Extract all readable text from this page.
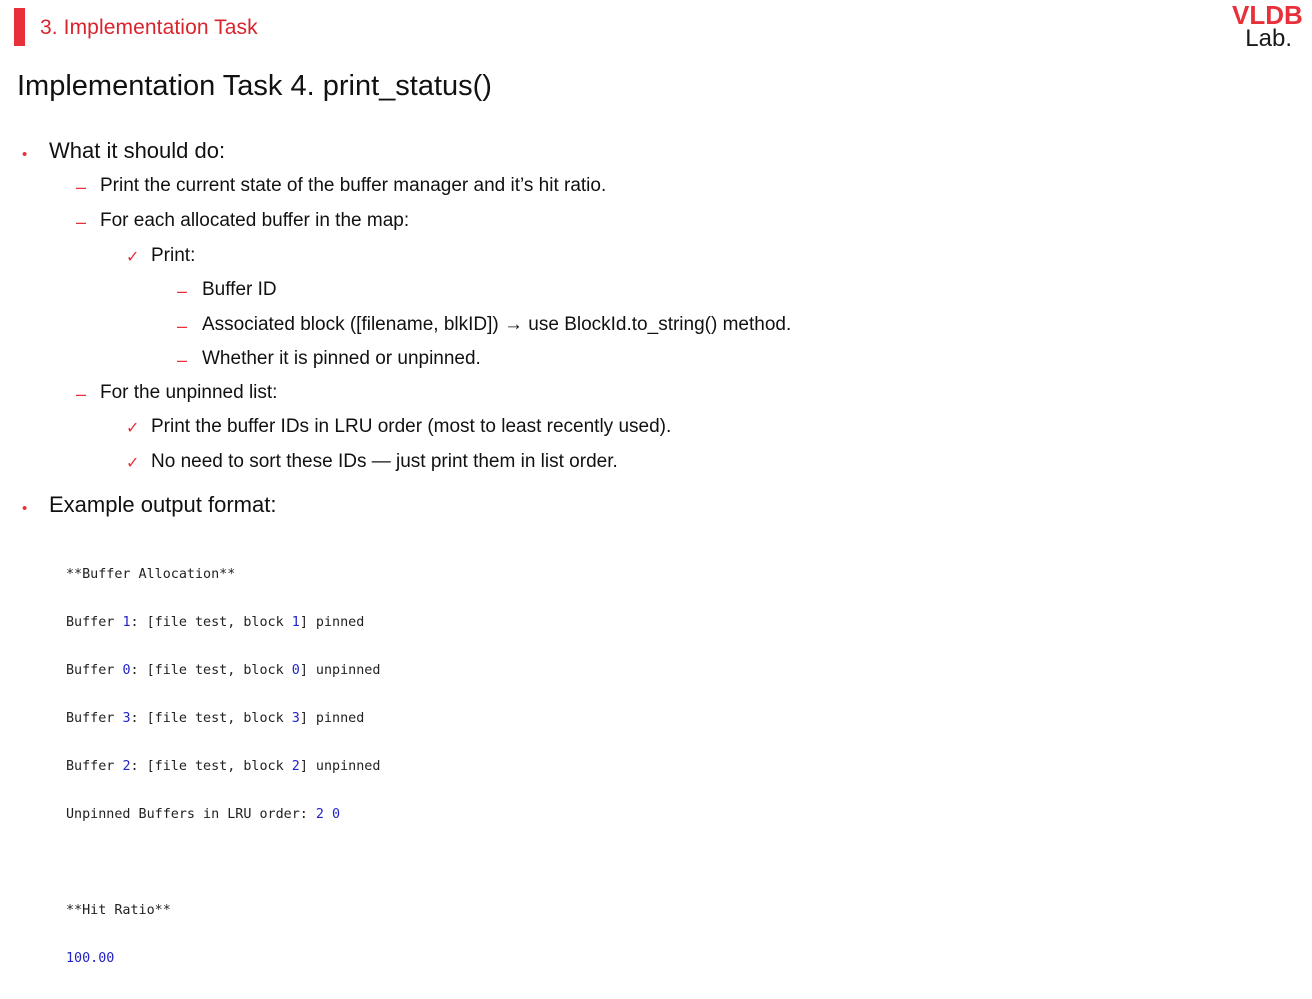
3. Implementation Task	VLDB
Lab.
Implementation Task 4. print_status()
• What it should do:
– Print the current state of the buffer manager and it’s hit ratio.
– For each allocated buffer in the map:
✓ Print:
– Buffer ID
– Associated block ([filename, blkID]) → use BlockId.to_string() method.
– Whether it is pinned or unpinned.
– For the unpinned list:
✓ Print the buffer IDs in LRU order (most to least recently used).
✓ No need to sort these IDs — just print them in list order.
• Example output format:

**Buffer Allocation**

Buffer 1: [file test, block 1] pinned

Buffer 0: [file test, block 0] unpinned

Buffer 3: [file test, block 3] pinned

Buffer 2: [file test, block 2] unpinned

Unpinned Buffers in LRU order: 2 0

**Hit Ratio**

100.00
